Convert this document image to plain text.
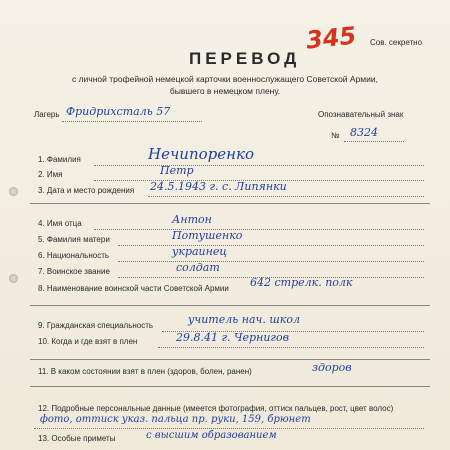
Сов. секретно
345
ПЕРЕВОД
с личной трофейной немецкой карточки военнослужащего Советской Армии,
бывшего в немецком плену.
Лагерь Фридрихсталь 57	Опознавательный знак
№ 8324
1. Фамилия	Нечипоренко
2. Имя	Петр
3. Дата и место рождения 24.5.1943 г. с. Липянки
4. Имя отца	Антон
5. Фамилия матери	Потушенко
6. Национальность	украинец
7. Воинское звание	солдат
8. Наименование воинской части Советской Армии 642 стрелк. полк
9. Гражданская специальность	учитель нач. школ
10. Когда и где взят в плен	29.8.41 г. Чернигов
11. В каком состоянии взят в плен (здоров, болен, ранен)	здоров
12. Подробные персональные данные (имеется фотография, оттиск пальцев, рост, цвет волос)
фото, оттиск указ. пальца пр. руки, 159, брюнет
13. Особые приметы	с высшим образованием
